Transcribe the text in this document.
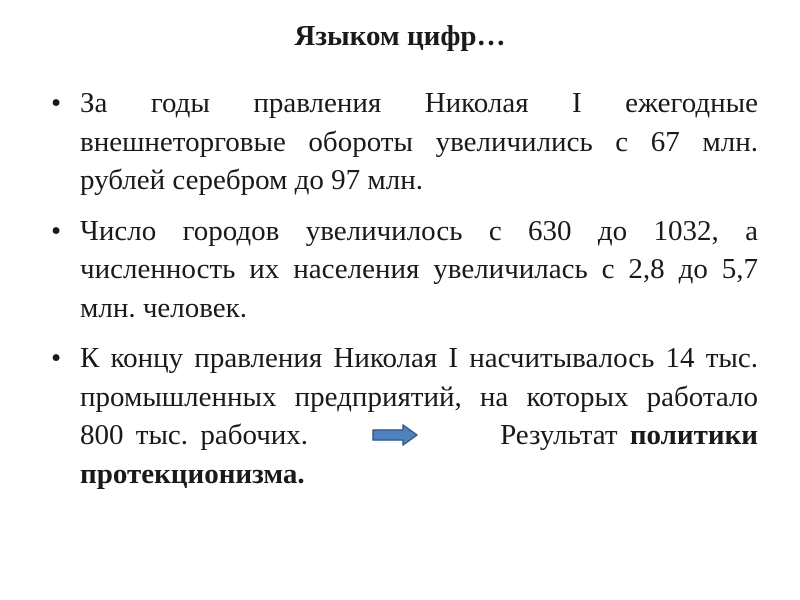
Языком цифр…
• За годы правления Николая I ежегодные внешнеторговые обороты увеличились с 67 млн. рублей серебром до 97 млн.
• Число городов увеличилось с 630 до 1032, а численность их населения увеличилась с 2,8 до 5,7 млн. человек.
• К концу правления Николая I насчитывалось 14 тыс. промышленных предприятий, на которых работало 800 тыс. рабочих.	Результат политики протекционизма.
